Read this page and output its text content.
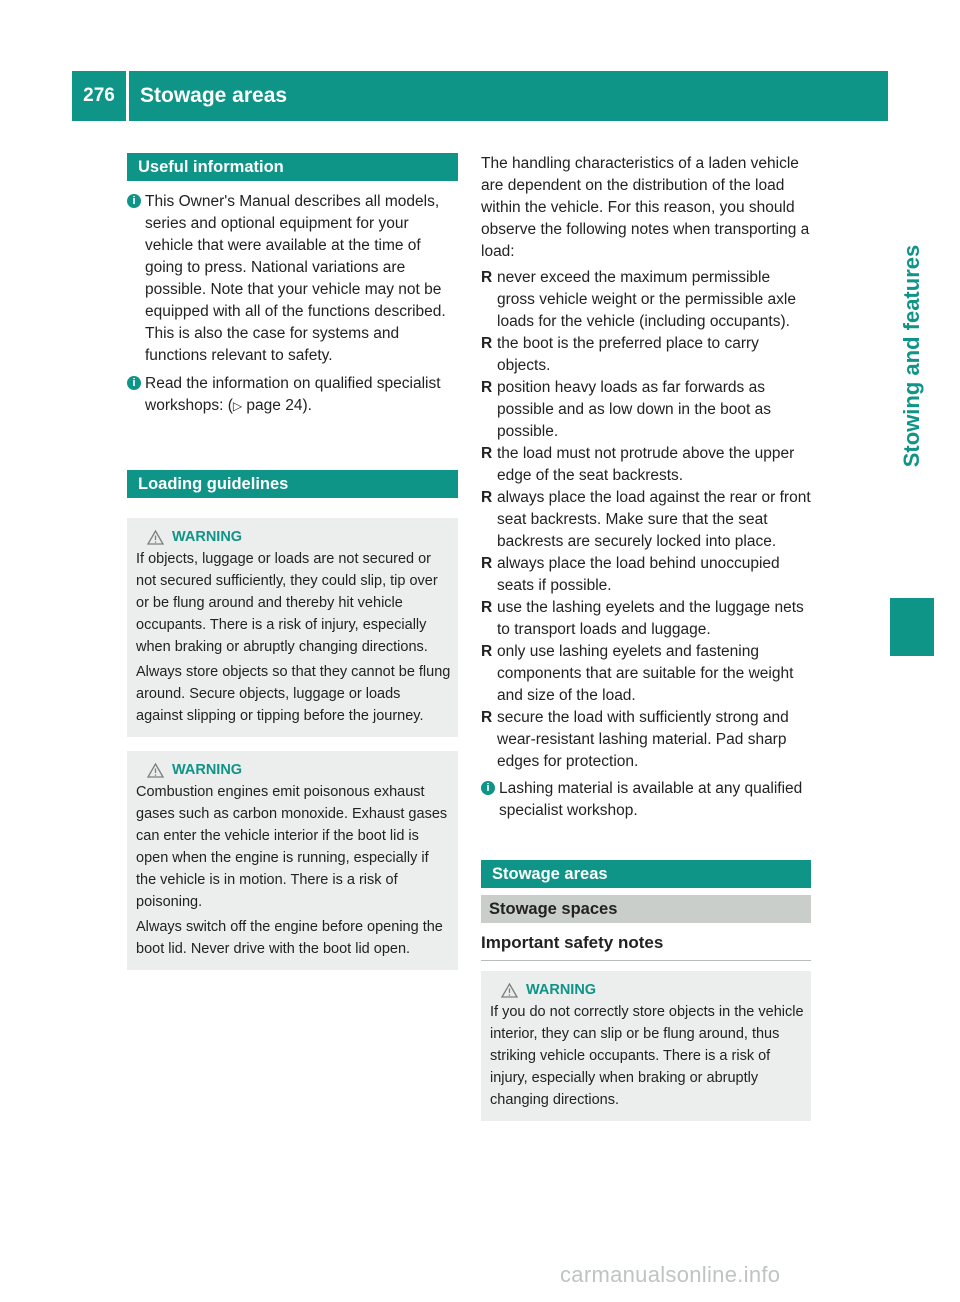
276	Stowage areas
Stowing and features
Useful information

i This Owner's Manual describes all models, series and optional equipment for your vehicle that were available at the time of going to press. National variations are possible. Note that your vehicle may not be equipped with all of the functions described. This is also the case for systems and functions relevant to safety.

i Read the information on qualified specialist workshops: (▷ page 24).

Loading guidelines
WARNING

If objects, luggage or loads are not secured or not secured sufficiently, they could slip, tip over or be flung around and thereby hit vehicle occupants. There is a risk of injury, especially when braking or abruptly changing directions.

Always store objects so that they cannot be flung around. Secure objects, luggage or loads against slipping or tipping before the journey.

WARNING

Combustion engines emit poisonous exhaust gases such as carbon monoxide. Exhaust gases can enter the vehicle interior if the boot lid is open when the engine is running, especially if the vehicle is in motion. There is a risk of poisoning.

Always switch off the engine before opening the boot lid. Never drive with the boot lid open.

The handling characteristics of a laden vehicle are dependent on the distribution of the load within the vehicle. For this reason, you should observe the following notes when transporting a load:

R never exceed the maximum permissible gross vehicle weight or the permissible axle loads for the vehicle (including occupants).

R the boot is the preferred place to carry objects.

R position heavy loads as far forwards as possible and as low down in the boot as possible.

R the load must not protrude above the upper edge of the seat backrests.

R always place the load against the rear or front seat backrests. Make sure that the seat backrests are securely locked into place.

R always place the load behind unoccupied seats if possible.

R use the lashing eyelets and the luggage nets to transport loads and luggage.

R only use lashing eyelets and fastening components that are suitable for the weight and size of the load.

R secure the load with sufficiently strong and wear-resistant lashing material. Pad sharp edges for protection.

i Lashing material is available at any qualified specialist workshop.

Stowage areas
Stowage spaces
Important safety notes
WARNING

If you do not correctly store objects in the vehicle interior, they can slip or be flung around, thus striking vehicle occupants. There is a risk of injury, especially when braking or abruptly changing directions.

carmanualsonline.info
